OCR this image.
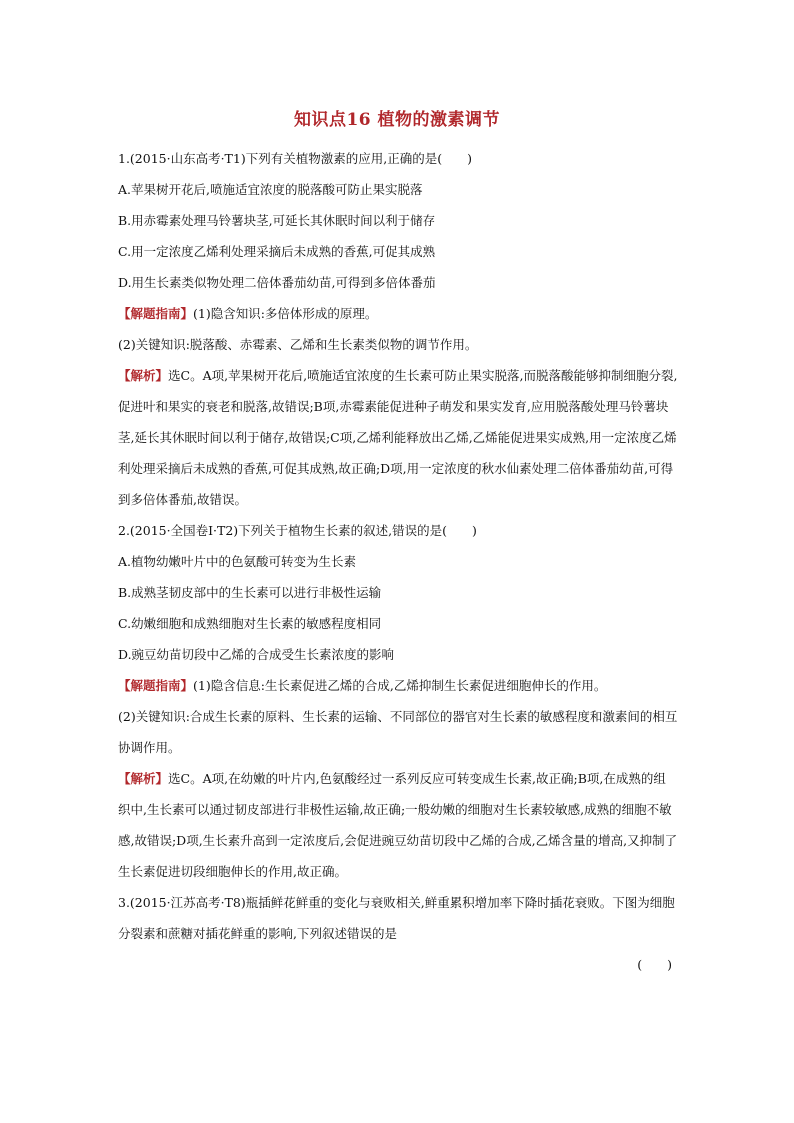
知识点16 植物的激素调节

1.(2015·山东高考·T1)下列有关植物激素的应用,正确的是(　　)

A.苹果树开花后,喷施适宜浓度的脱落酸可防止果实脱落

B.用赤霉素处理马铃薯块茎,可延长其休眠时间以利于储存

C.用一定浓度乙烯利处理采摘后未成熟的香蕉,可促其成熟

D.用生长素类似物处理二倍体番茄幼苗,可得到多倍体番茄

【解题指南】(1)隐含知识:多倍体形成的原理。

(2)关键知识:脱落酸、赤霉素、乙烯和生长素类似物的调节作用。

【解析】选C。A项,苹果树开花后,喷施适宜浓度的生长素可防止果实脱落,而脱落酸能够抑制细胞分裂,促进叶和果实的衰老和脱落,故错误;B项,赤霉素能促进种子萌发和果实发育,应用脱落酸处理马铃薯块茎,延长其休眠时间以利于储存,故错误;C项,乙烯利能释放出乙烯,乙烯能促进果实成熟,用一定浓度乙烯利处理采摘后未成熟的香蕉,可促其成熟,故正确;D项,用一定浓度的秋水仙素处理二倍体番茄幼苗,可得到多倍体番茄,故错误。

2.(2015·全国卷Ⅰ·T2)下列关于植物生长素的叙述,错误的是(　　)

A.植物幼嫩叶片中的色氨酸可转变为生长素

B.成熟茎韧皮部中的生长素可以进行非极性运输

C.幼嫩细胞和成熟细胞对生长素的敏感程度相同

D.豌豆幼苗切段中乙烯的合成受生长素浓度的影响

【解题指南】(1)隐含信息:生长素促进乙烯的合成,乙烯抑制生长素促进细胞伸长的作用。

(2)关键知识:合成生长素的原料、生长素的运输、不同部位的器官对生长素的敏感程度和激素间的相互协调作用。

【解析】选C。A项,在幼嫩的叶片内,色氨酸经过一系列反应可转变成生长素,故正确;B项,在成熟的组织中,生长素可以通过韧皮部进行非极性运输,故正确;一般幼嫩的细胞对生长素较敏感,成熟的细胞不敏感,故错误;D项,生长素升高到一定浓度后,会促进豌豆幼苗切段中乙烯的合成,乙烯含量的增高,又抑制了生长素促进切段细胞伸长的作用,故正确。

3.(2015·江苏高考·T8)瓶插鲜花鲜重的变化与衰败相关,鲜重累积增加率下降时插花衰败。下图为细胞分裂素和蔗糖对插花鲜重的影响,下列叙述错误的是

(　　)
